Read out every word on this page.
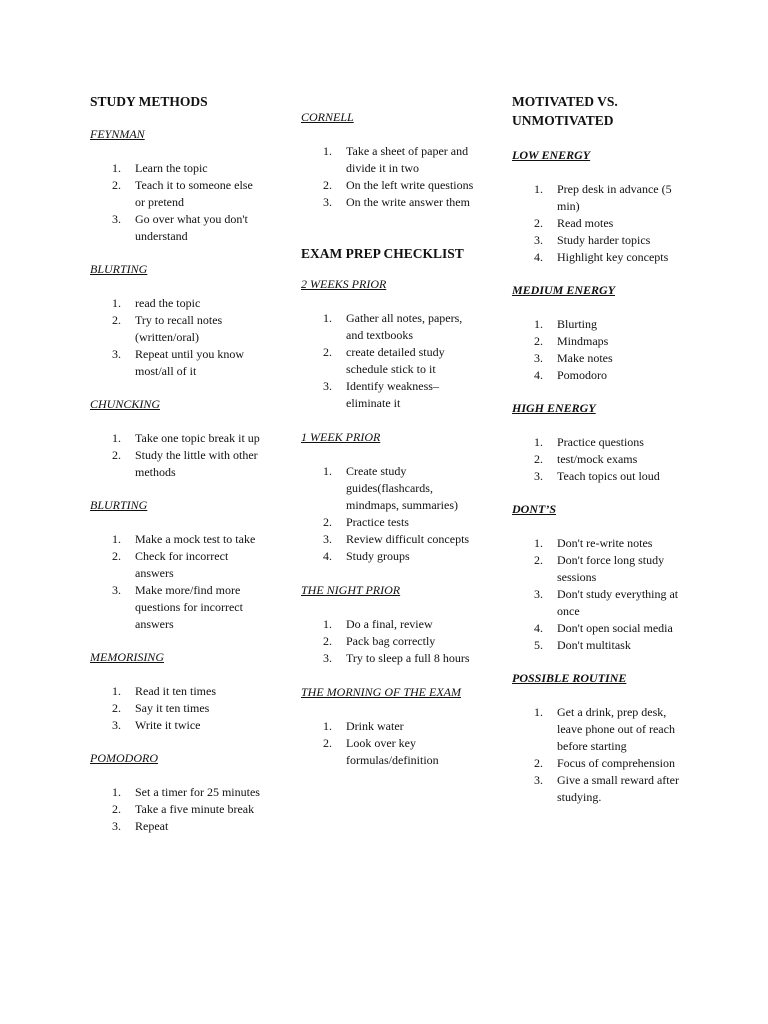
STUDY METHODS

FEYNMAN

1.	Learn the topic
2.	Teach it to someone else or pretend
3.	Go over what you don't understand

BLURTING

1.	read the topic
2.	Try to recall notes (written/oral)
3.	Repeat until you know most/all of it

CHUNCKING

1.	Take one topic break it up
2.	Study the little with other methods

BLURTING

1.	Make a mock test to take
2.	Check for incorrect answers
3.	Make more/find more questions for incorrect answers

MEMORISING

1.	Read it ten times
2.	Say it ten times
3.	Write it twice

POMODORO

1.	Set a timer for 25 minutes
2.	Take a five minute break
3.	Repeat

CORNELL

1.	Take a sheet of paper and divide it in two
2.	On the left write questions
3.	On the write answer them
EXAM PREP CHECKLIST

2 WEEKS PRIOR

1.	Gather all notes, papers, and textbooks
2.	create detailed study schedule stick to it
3.	Identify weakness–eliminate it

1 WEEK PRIOR

1.	Create study guides(flashcards, mindmaps, summaries)
2.	Practice tests
3.	Review difficult concepts
4.	Study groups

THE NIGHT PRIOR

1.	Do a final, review
2.	Pack bag correctly
3.	Try to sleep a full 8 hours

THE MORNING OF THE EXAM

1.	Drink water
2.	Look over key formulas/definition
MOTIVATED VS. UNMOTIVATED

LOW ENERGY

1.	Prep desk in advance (5 min)
2.	Read motes
3.	Study harder topics
4.	Highlight key concepts

MEDIUM ENERGY

1.	Blurting
2.	Mindmaps
3.	Make notes
4.	Pomodoro

HIGH ENERGY

1.	Practice questions
2.	test/mock exams
3.	Teach topics out loud

DONT’S

1.	Don't re-write notes
2.	Don't force long study sessions
3.	Don't study everything at once
4.	Don't open social media
5.	Don't multitask

POSSIBLE ROUTINE

1.	Get a drink, prep desk, leave phone out of reach before starting
2.	Focus of comprehension
3.	Give a small reward after studying.
